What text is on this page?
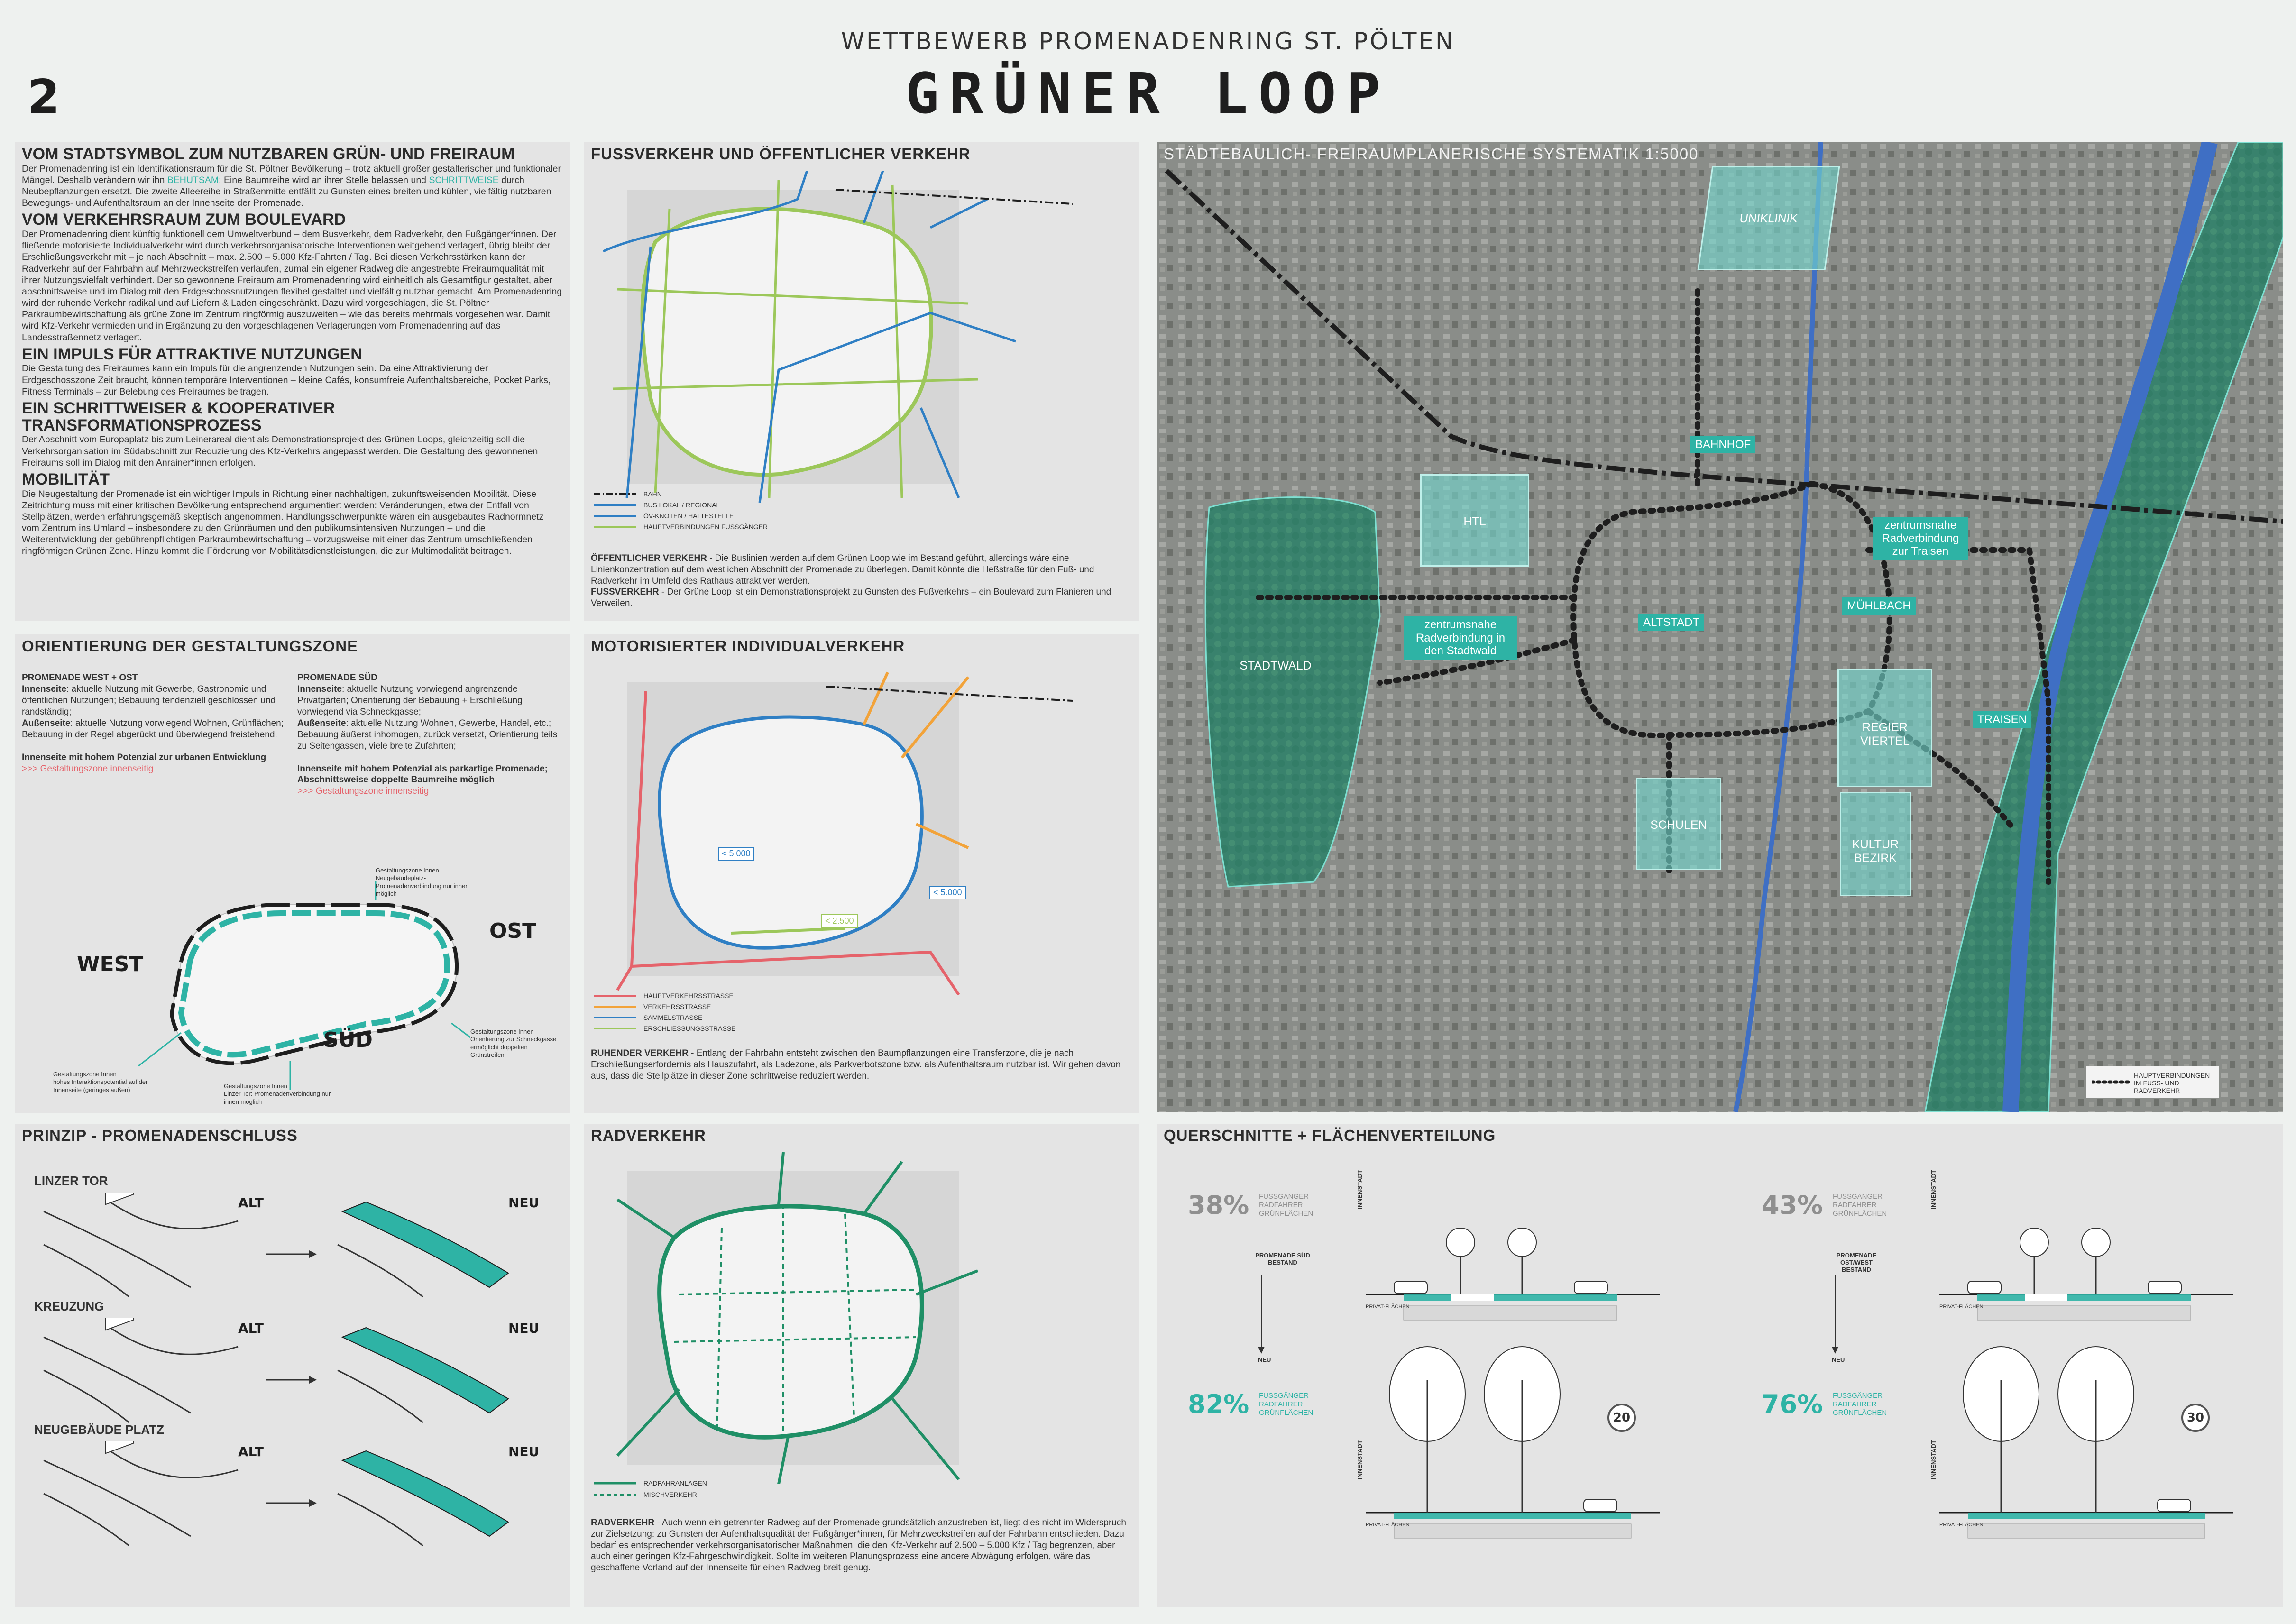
WETTBEWERB PROMENADENRING ST. PÖLTEN
GRÜNER LOOP
2
VOM STADTSYMBOL ZUM NUTZBAREN GRÜN- UND FREIRAUM

Der Promenadenring ist ein Identifikationsraum für die St. Pöltner Bevölkerung – trotz aktuell großer gestalterischer und funktionaler Mängel. Deshalb verändern wir ihn BEHUTSAM: Eine Baumreihe wird an ihrer Stelle belassen und SCHRITTWEISE durch Neubepflanzungen ersetzt. Die zweite Alleereihe in Straßenmitte entfällt zu Gunsten eines breiten und kühlen, vielfältig nutzbaren Bewegungs- und Aufenthaltsraum an der Innenseite der Promenade.

VOM VERKEHRSRAUM ZUM BOULEVARD

Der Promenadenring dient künftig funktionell dem Umweltverbund – dem Busverkehr, dem Radverkehr, den Fußgänger*innen. Der fließende motorisierte Individualverkehr wird durch verkehrsorganisatorische Interventionen weitgehend verlagert, übrig bleibt der Erschließungsverkehr mit – je nach Abschnitt – max. 2.500 – 5.000 Kfz-Fahrten / Tag. Bei diesen Verkehrsstärken kann der Radverkehr auf der Fahrbahn auf Mehrzweckstreifen verlaufen, zumal ein eigener Radweg die angestrebte Freiraumqualität mit ihrer Nutzungsvielfalt verhindert. Der so gewonnene Freiraum am Promenadenring wird einheitlich als Gesamtfigur gestaltet, aber abschnittsweise und im Dialog mit den Erdgeschossnutzungen flexibel gestaltet und vielfältig nutzbar gemacht. Am Promenadenring wird der ruhende Verkehr radikal und auf Liefern & Laden eingeschränkt. Dazu wird vorgeschlagen, die St. Pöltner Parkraumbewirtschaftung als grüne Zone im Zentrum ringförmig auszuweiten – wie das bereits mehrmals vorgesehen war. Damit wird Kfz-Verkehr vermieden und in Ergänzung zu den vorgeschlagenen Verlagerungen vom Promenadenring auf das Landesstraßennetz verlagert.

EIN IMPULS FÜR ATTRAKTIVE NUTZUNGEN

Die Gestaltung des Freiraumes kann ein Impuls für die angrenzenden Nutzungen sein. Da eine Attraktivierung der Erdgeschosszone Zeit braucht, können temporäre Interventionen – kleine Cafés, konsumfreie Aufenthaltsbereiche, Pocket Parks, Fitness Terminals – zur Belebung des Freiraumes beitragen.

EIN SCHRITTWEISER & KOOPERATIVER TRANSFORMATIONSPROZESS

Der Abschnitt vom Europaplatz bis zum Leinerareal dient als Demonstrationsprojekt des Grünen Loops, gleichzeitig soll die Verkehrsorganisation im Südabschnitt zur Reduzierung des Kfz-Verkehrs angepasst werden. Die Gestaltung des gewonnenen Freiraums soll im Dialog mit den Anrainer*innen erfolgen.

MOBILITÄT

Die Neugestaltung der Promenade ist ein wichtiger Impuls in Richtung einer nachhaltigen, zukunftsweisenden Mobilität. Diese Zeitrichtung muss mit einer kritischen Bevölkerung entsprechend argumentiert werden: Veränderungen, etwa der Entfall von Stellplätzen, werden erfahrungsgemäß skeptisch angenommen. Handlungsschwerpunkte wären ein ausgebautes Radnormnetz vom Zentrum ins Umland – insbesondere zu den Grünräumen und den publikumsintensiven Nutzungen – und die Weiterentwicklung der gebührenpflichtigen Parkraumbewirtschaftung – vorzugsweise mit einer das Zentrum umschließenden ringförmigen Grünen Zone. Hinzu kommt die Förderung von Mobilitätsdienstleistungen, die zur Multimodalität beitragen.

ORIENTIERUNG DER GESTALTUNGSZONE
PROMENADE WEST + OST
Innenseite: aktuelle Nutzung mit Gewerbe, Gastronomie und öffentlichen Nutzungen; Bebauung tendenziell geschlossen und randständig;
Außenseite: aktuelle Nutzung vorwiegend Wohnen, Grünflächen; Bebauung in der Regel abgerückt und überwiegend freistehend.

Innenseite mit hohem Potenzial zur urbanen Entwicklung
>>> Gestaltungszone innenseitig
PROMENADE SÜD
Innenseite: aktuelle Nutzung vorwiegend angrenzende Privatgärten; Orientierung der Bebauung + Erschließung vorwiegend via Schneckgasse;
Außenseite: aktuelle Nutzung Wohnen, Gewerbe, Handel, etc.; Bebauung äußerst inhomogen, zurück versetzt, Orientierung teils zu Seitengassen, viele breite Zufahrten;

Innenseite mit hohem Potenzial als parkartige Promenade; Abschnittsweise doppelte Baumreihe möglich
>>> Gestaltungszone innenseitig
WEST
OST
SÜD
Gestaltungszone Innen
Neugebäudeplatz-Promenadenverbindung nur innen möglich
Gestaltungszone Innen
Orientierung zur Schneckgasse ermöglicht doppelten Grünstreifen
Gestaltungszone Innen
hohes Interaktionspotential auf der Innenseite (geringes außen)	Gestaltungszone Innen
Linzer Tor: Promenadenverbindung nur innen möglich
PRINZIP - PROMENADENSCHLUSS
LINZER TOR
ALT	NEU
KREUZUNG
ALT	NEU
NEUGEBÄUDE PLATZ
ALT	NEU
FUSSVERKEHR UND ÖFFENTLICHER VERKEHR
BAHN
BUS LOKAL / REGIONAL
ÖV-KNOTEN / HALTESTELLE
HAUPTVERBINDUNGEN FUSSGÄNGER
ÖFFENTLICHER VERKEHR - Die Buslinien werden auf dem Grünen Loop wie im Bestand geführt, allerdings wäre eine Linienkonzentration auf dem westlichen Abschnitt der Promenade zu überlegen. Damit könnte die Heßstraße für den Fuß- und Radverkehr im Umfeld des Rathaus attraktiver werden.
FUSSVERKEHR - Der Grüne Loop ist ein Demonstrationsprojekt zu Gunsten des Fußverkehrs – ein Boulevard zum Flanieren und Verweilen.
MOTORISIERTER INDIVIDUALVERKEHR
< 5.000
< 2.500
< 5.000
HAUPTVERKEHRSSTRASSE
VERKEHRSSTRASSE
SAMMELSTRASSE
ERSCHLIESSUNGSSTRASSE
RUHENDER VERKEHR - Entlang der Fahrbahn entsteht zwischen den Baumpflanzungen eine Transferzone, die je nach Erschließungserfordernis als Hauszufahrt, als Ladezone, als Parkverbotszone bzw. als Aufenthaltsraum nutzbar ist. Wir gehen davon aus, dass die Stellplätze in dieser Zone schrittweise reduziert werden.
RADVERKEHR
RADFAHRANLAGEN
MISCHVERKEHR
RADVERKEHR - Auch wenn ein getrennter Radweg auf der Promenade grundsätzlich anzustreben ist, liegt dies nicht im Widerspruch zur Zielsetzung: zu Gunsten der Aufenthaltsqualität der Fußgänger*innen, für Mehrzweckstreifen auf der Fahrbahn entschieden. Dazu bedarf es entsprechender verkehrsorganisatorischer Maßnahmen, die den Kfz-Verkehr auf 2.500 – 5.000 Kfz / Tag begrenzen, aber auch einer geringen Kfz-Fahrgeschwindigkeit. Sollte im weiteren Planungsprozess eine andere Abwägung erfolgen, wäre das geschaffene Vorland auf der Innenseite für einen Radweg breit genug.
STÄDTEBAULICH- FREIRAUMPLANERISCHE SYSTEMATIK 1:5000
UNIKLINIK
HTL
SCHULEN
REGIER VIERTEL
KULTUR BEZIRK
STADTWALD
BAHNHOF
zentrumsnahe Radverbindung zur Traisen
MÜHLBACH
zentrumsnahe Radverbindung in den Stadtwald
ALTSTADT
TRAISEN
HAUPTVERBINDUNGEN IM FUSS- UND RADVERKEHR
QUERSCHNITTE + FLÄCHENVERTEILUNG
38% FUSSGÄNGER
RADFAHRER
GRÜNFLÄCHEN
82% FUSSGÄNGER
RADFAHRER
GRÜNFLÄCHEN
PROMENADE SÜD BESTAND
NEU
INNENSTADT
INNENSTADT
20
PRIVAT-FLÄCHEN
PRIVAT-FLÄCHEN
43% FUSSGÄNGER
RADFAHRER
GRÜNFLÄCHEN
76% FUSSGÄNGER
RADFAHRER
GRÜNFLÄCHEN
PROMENADE OST/WEST BESTAND
NEU
INNENSTADT
INNENSTADT
30
PRIVAT-FLÄCHEN
PRIVAT-FLÄCHEN
